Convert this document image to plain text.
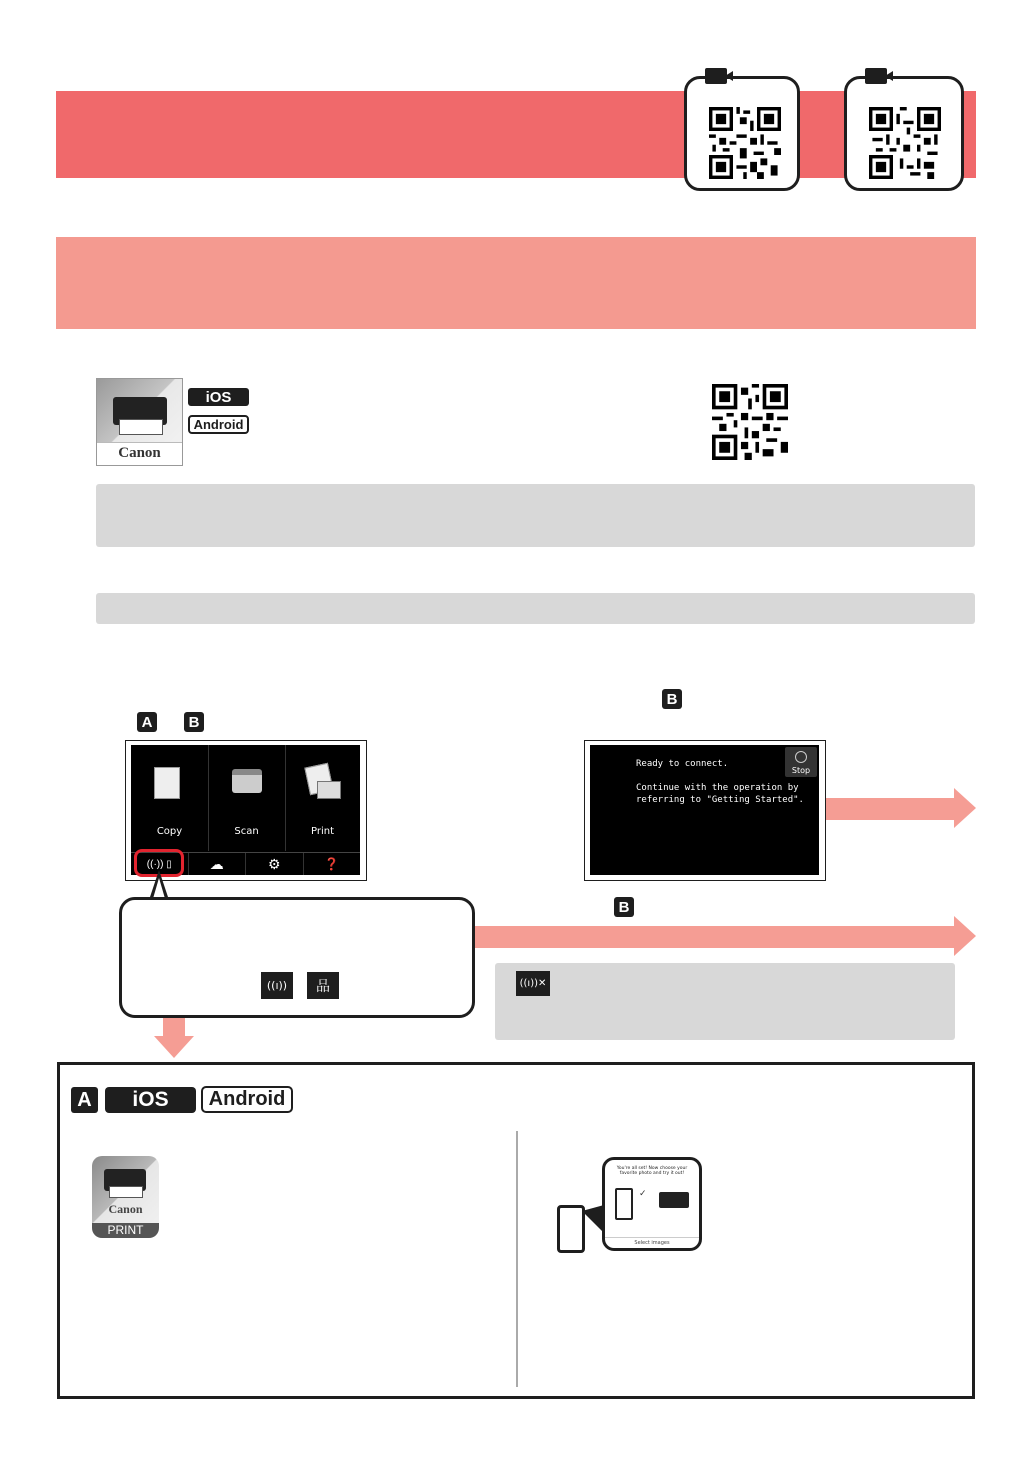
Canon
iOS
Android
A	B
B
Copy	Scan	Print
((·)) ▯	☁	⚙	❓
Ready to connect.
Continue with the operation by
referring to "Getting Started".
Stop
((ı))	品
B
((ı))✕
A	iOS	Android
Canon
PRINT
You're all set! Now choose your favorite photo and try it out!
✓
Select images
